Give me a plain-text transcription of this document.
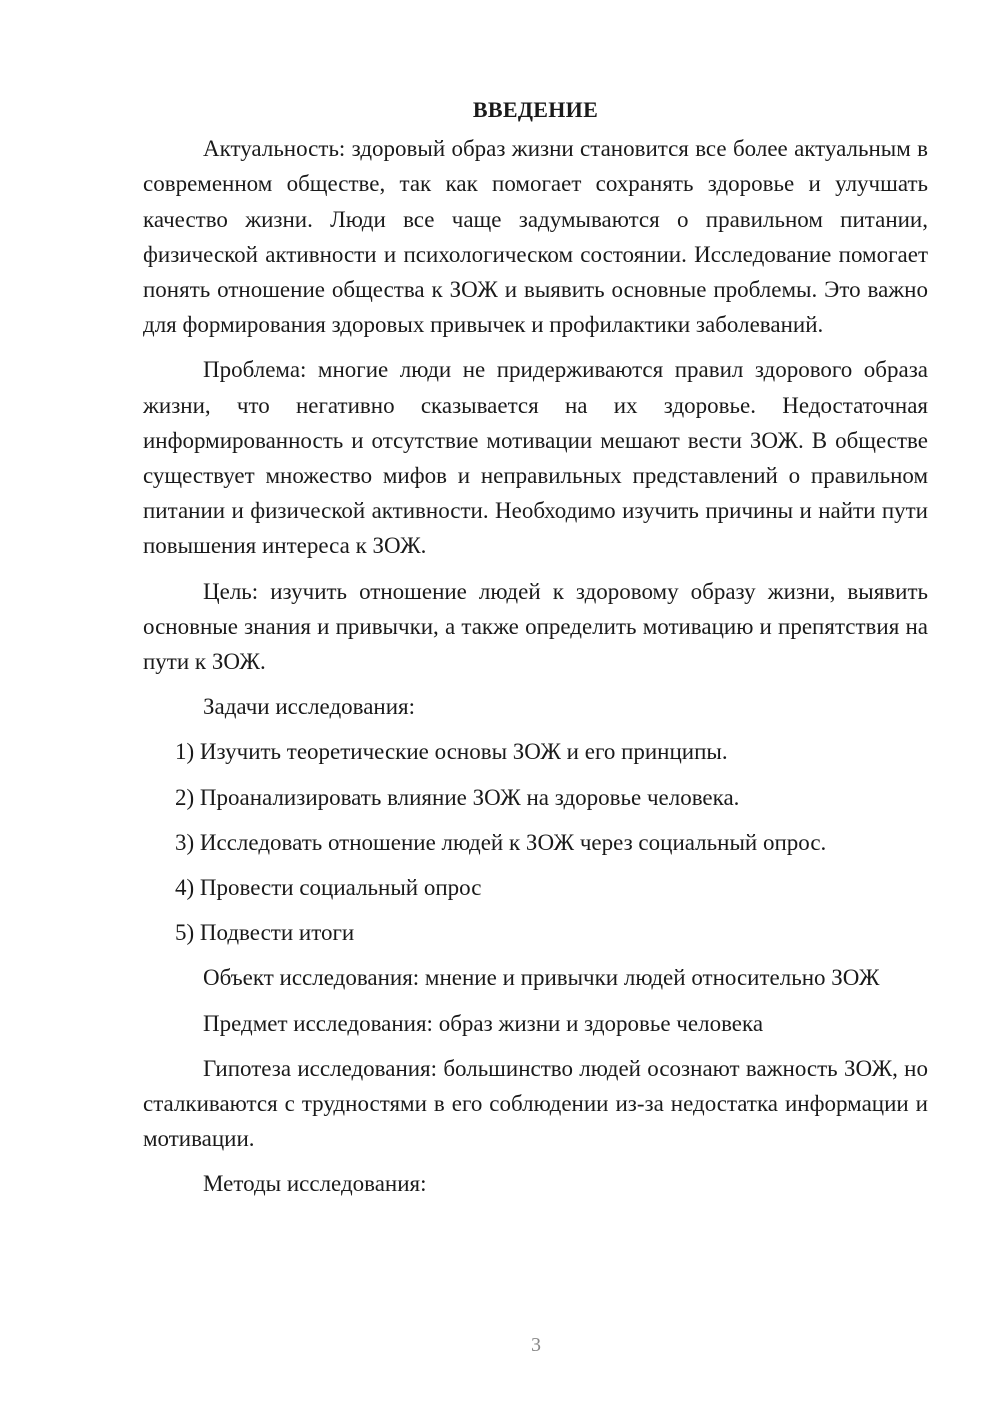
ВВЕДЕНИЕ

Актуальность: здоровый образ жизни становится все более актуальным в современном обществе, так как помогает сохранять здоровье и улучшать качество жизни. Люди все чаще задумываются о правильном питании, физической активности и психологическом состоянии. Исследование помогает понять отношение общества к ЗОЖ и выявить основные проблемы. Это важно для формирования здоровых привычек и профилактики заболеваний.

Проблема: многие люди не придерживаются правил здорового образа жизни, что негативно сказывается на их здоровье. Недостаточная информированность и отсутствие мотивации мешают вести ЗОЖ. В обществе существует множество мифов и неправильных представлений о правильном питании и физической активности. Необходимо изучить причины и найти пути повышения интереса к ЗОЖ.

Цель: изучить отношение людей к здоровому образу жизни, выявить основные знания и привычки, а также определить мотивацию и препятствия на пути к ЗОЖ.

Задачи исследования:

1) Изучить теоретические основы ЗОЖ и его принципы.

2) Проанализировать влияние ЗОЖ на здоровье человека.

3) Исследовать отношение людей к ЗОЖ через социальный опрос.

4) Провести социальный опрос

5) Подвести итоги

Объект исследования: мнение и привычки людей относительно ЗОЖ

Предмет исследования: образ жизни и здоровье человека

Гипотеза исследования: большинство людей осознают важность ЗОЖ, но сталкиваются с трудностями в его соблюдении из-за недостатка информации и мотивации.

Методы исследования:

3
